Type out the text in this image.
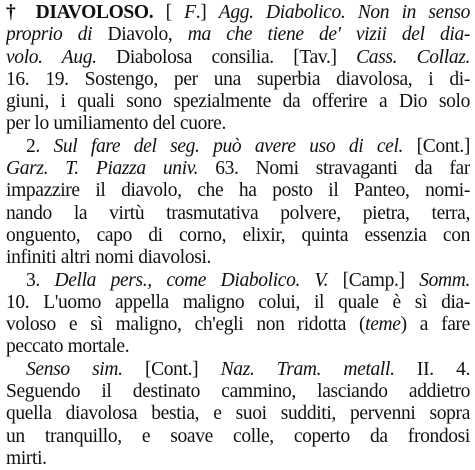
† DIAVOLOSO. [ F.] Agg. Diabolico. Non in senso
proprio di Diavolo, ma che tiene de' vizii del dia-
volo. Aug. Diabolosa consilia. [Tav.] Cass. Collaz.
16. 19. Sostengo, per una superbia diavolosa, i di-
giuni, i quali sono spezialmente da offerire a Dio solo
per lo umiliamento del cuore.
2. Sul fare del seg. può avere uso di cel. [Cont.]
Garz. T. Piazza univ. 63. Nomi stravaganti da far
impazzire il diavolo, che ha posto il Panteo, nomi-
nando la virtù trasmutativa polvere, pietra, terra,
onguento, capo di corno, elixir, quinta essenzia con
infiniti altri nomi diavolosi.
3. Della pers., come Diabolico. V. [Camp.] Somm.
10. L'uomo appella maligno colui, il quale è sì dia-
voloso e sì maligno, ch'egli non ridotta (teme) a fare
peccato mortale.
Senso sim. [Cont.] Naz. Tram. metall. II. 4.
Seguendo il destinato cammino, lasciando addietro
quella diavolosa bestia, e suoi sudditi, pervenni sopra
un tranquillo, e soave colle, coperto da frondosi
mirti.
